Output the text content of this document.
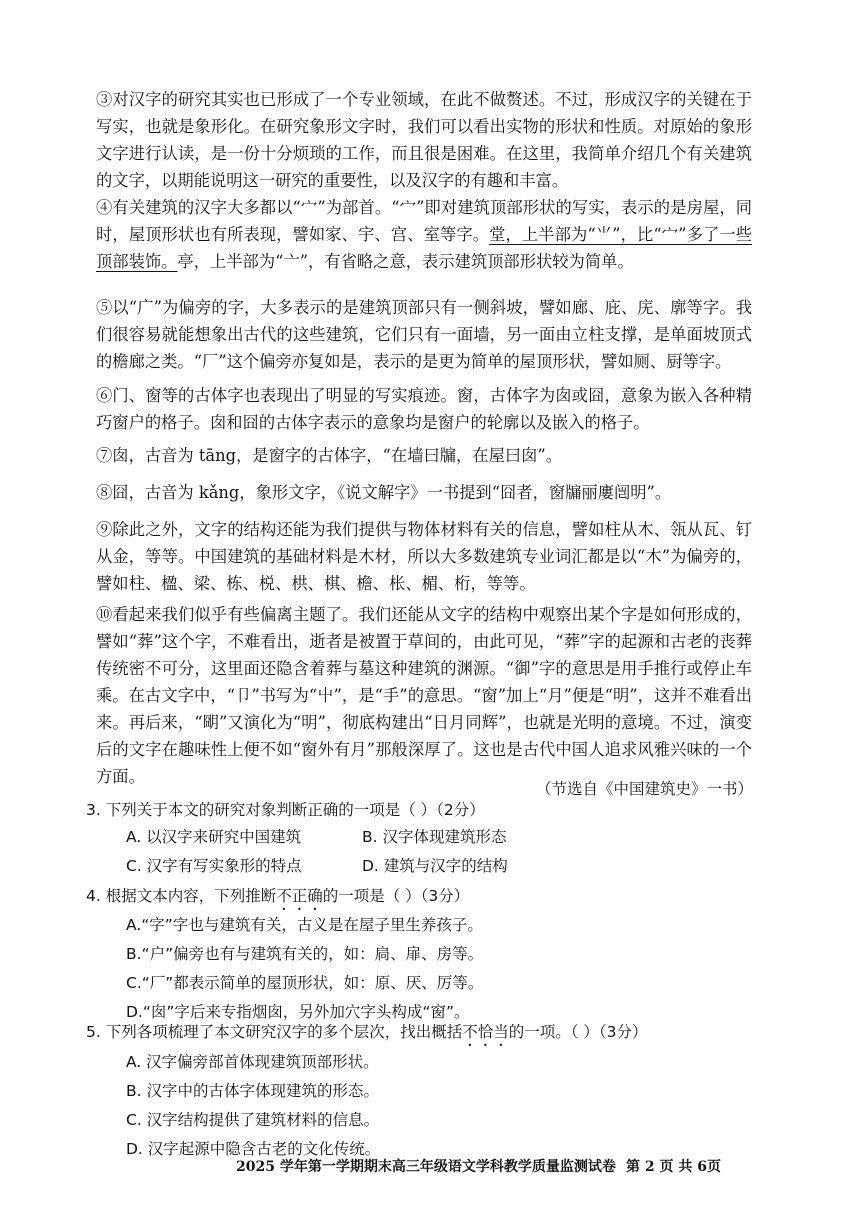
③对汉字的研究其实也已形成了一个专业领域，在此不做赘述。不过，形成汉字的关键在于写实，也就是象形化。在研究象形文字时，我们可以看出实物的形状和性质。对原始的象形文字进行认读，是一份十分烦琐的工作，而且很是困难。在这里，我简单介绍几个有关建筑的文字，以期能说明这一研究的重要性，以及汉字的有趣和丰富。
④有关建筑的汉字大多都以“宀”为部首。“宀”即对建筑顶部形状的写实，表示的是房屋，同时，屋顶形状也有所表现，譬如家、宇、宫、室等字。堂，上半部为“⺌”，比“宀”多了一些顶部装饰。亭，上半部为“亠”，有省略之意，表示建筑顶部形状较为简单。
⑤以“广”为偏旁的字，大多表示的是建筑顶部只有一侧斜坡，譬如廊、庇、庑、廓等字。我们很容易就能想象出古代的这些建筑，它们只有一面墙，另一面由立柱支撑，是单面坡顶式的檐廊之类。“厂”这个偏旁亦复如是，表示的是更为简单的屋顶形状，譬如厕、厨等字。
⑥门、窗等的古体字也表现出了明显的写实痕迹。窗，古体字为囱或囧，意象为嵌入各种精巧窗户的格子。囱和囧的古体字表示的意象均是窗户的轮廓以及嵌入的格子。
⑦囱，古音为 tāng，是窗字的古体字，“在墙曰牖，在屋曰囱”。
⑧囧，古音为 kǎng，象形文字，《说文解字》一书提到“囧者，窗牖丽廔闿明”。
⑨除此之外，文字的结构还能为我们提供与物体材料有关的信息，譬如柱从木、瓴从瓦、钉从金，等等。中国建筑的基础材料是木材，所以大多数建筑专业词汇都是以“木”为偏旁的，譬如柱、楹、梁、栋、棁、栱、棋、檐、枨、楣、桁，等等。
⑩看起来我们似乎有些偏离主题了。我们还能从文字的结构中观察出某个字是如何形成的，譬如“葬”这个字，不难看出，逝者是被置于草间的，由此可见，“葬”字的起源和古老的丧葬传统密不可分，这里面还隐含着葬与墓这种建筑的渊源。“御”字的意思是用手推行或停止车乘。在古文字中，“卩”书写为“屮”，是“手”的意思。“窗”加上“月”便是“明”，这并不难看出来。再后来，“朙”又演化为“明”，彻底构建出“日月同辉”，也就是光明的意境。不过，演变后的文字在趣味性上便不如“窗外有月”那般深厚了。这也是古代中国人追求风雅兴味的一个方面。
（节选自《中国建筑史》一书）
3. 下列关于本文的研究对象判断正确的一项是（ ）（2分）
A. 以汉字来研究中国建筑	B. 汉字体现建筑形态
C. 汉字有写实象形的特点	D. 建筑与汉字的结构
4. 根据文本内容，下列推断不正确的一项是（ ）（3分）
A.“字”字也与建筑有关，古义是在屋子里生养孩子。
B.“户”偏旁也有与建筑有关的，如：扃、扉、房等。
C.“厂”都表示简单的屋顶形状，如：原、厌、厉等。
D.“囱”字后来专指烟囱，另外加穴字头构成“窗”。
5. 下列各项梳理了本文研究汉字的多个层次，找出概括不恰当的一项。（ ）（3分）
A. 汉字偏旁部首体现建筑顶部形状。
B. 汉字中的古体字体现建筑的形态。
C. 汉字结构提供了建筑材料的信息。
D. 汉字起源中隐含古老的文化传统。
2025 学年第一学期期末高三年级语文学科教学质量监测试卷 第 2 页 共 6页
